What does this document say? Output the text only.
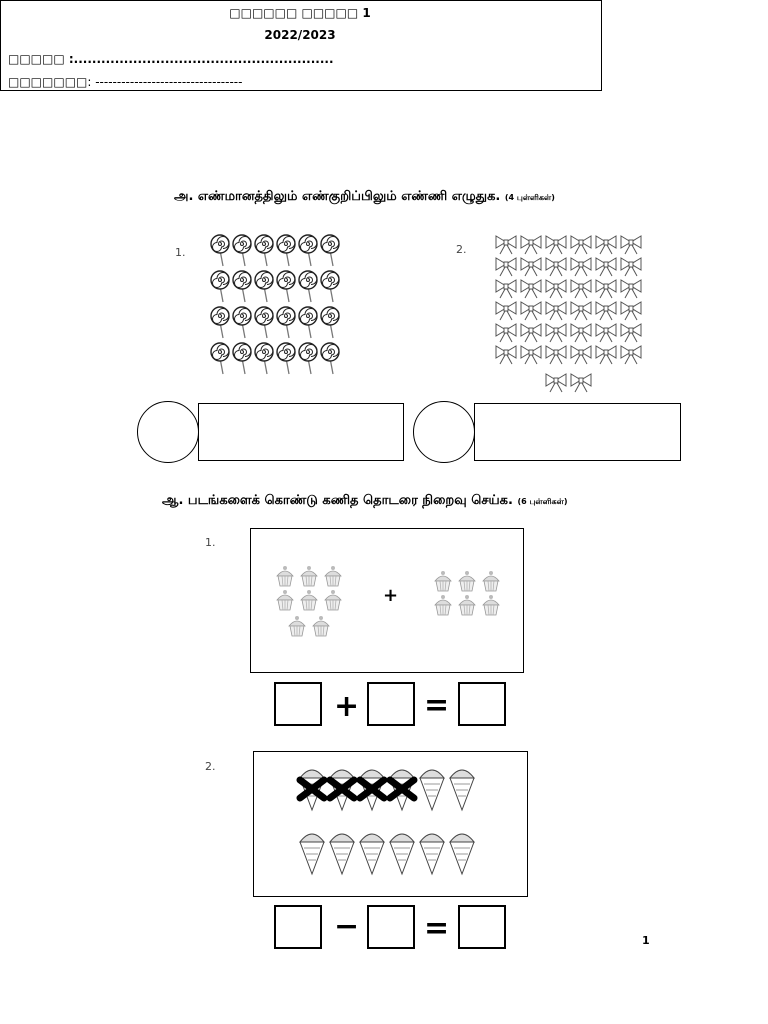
□□□□□□ □□□□□ 1
2022/2023
□□□□□ :.........................................................
□□□□□□□: ----------------------------------
அ. எண்மானத்திலும் எண்குறிப்பிலும் எண்ணி எழுதுக. (4 புள்ளிகள்)
1.	2.
ஆ. படங்களைக் கொண்டு கணித தொடரை நிறைவு செய்க. (6 புள்ளிகள்)
1.
+
+ =
2.
− =	1
